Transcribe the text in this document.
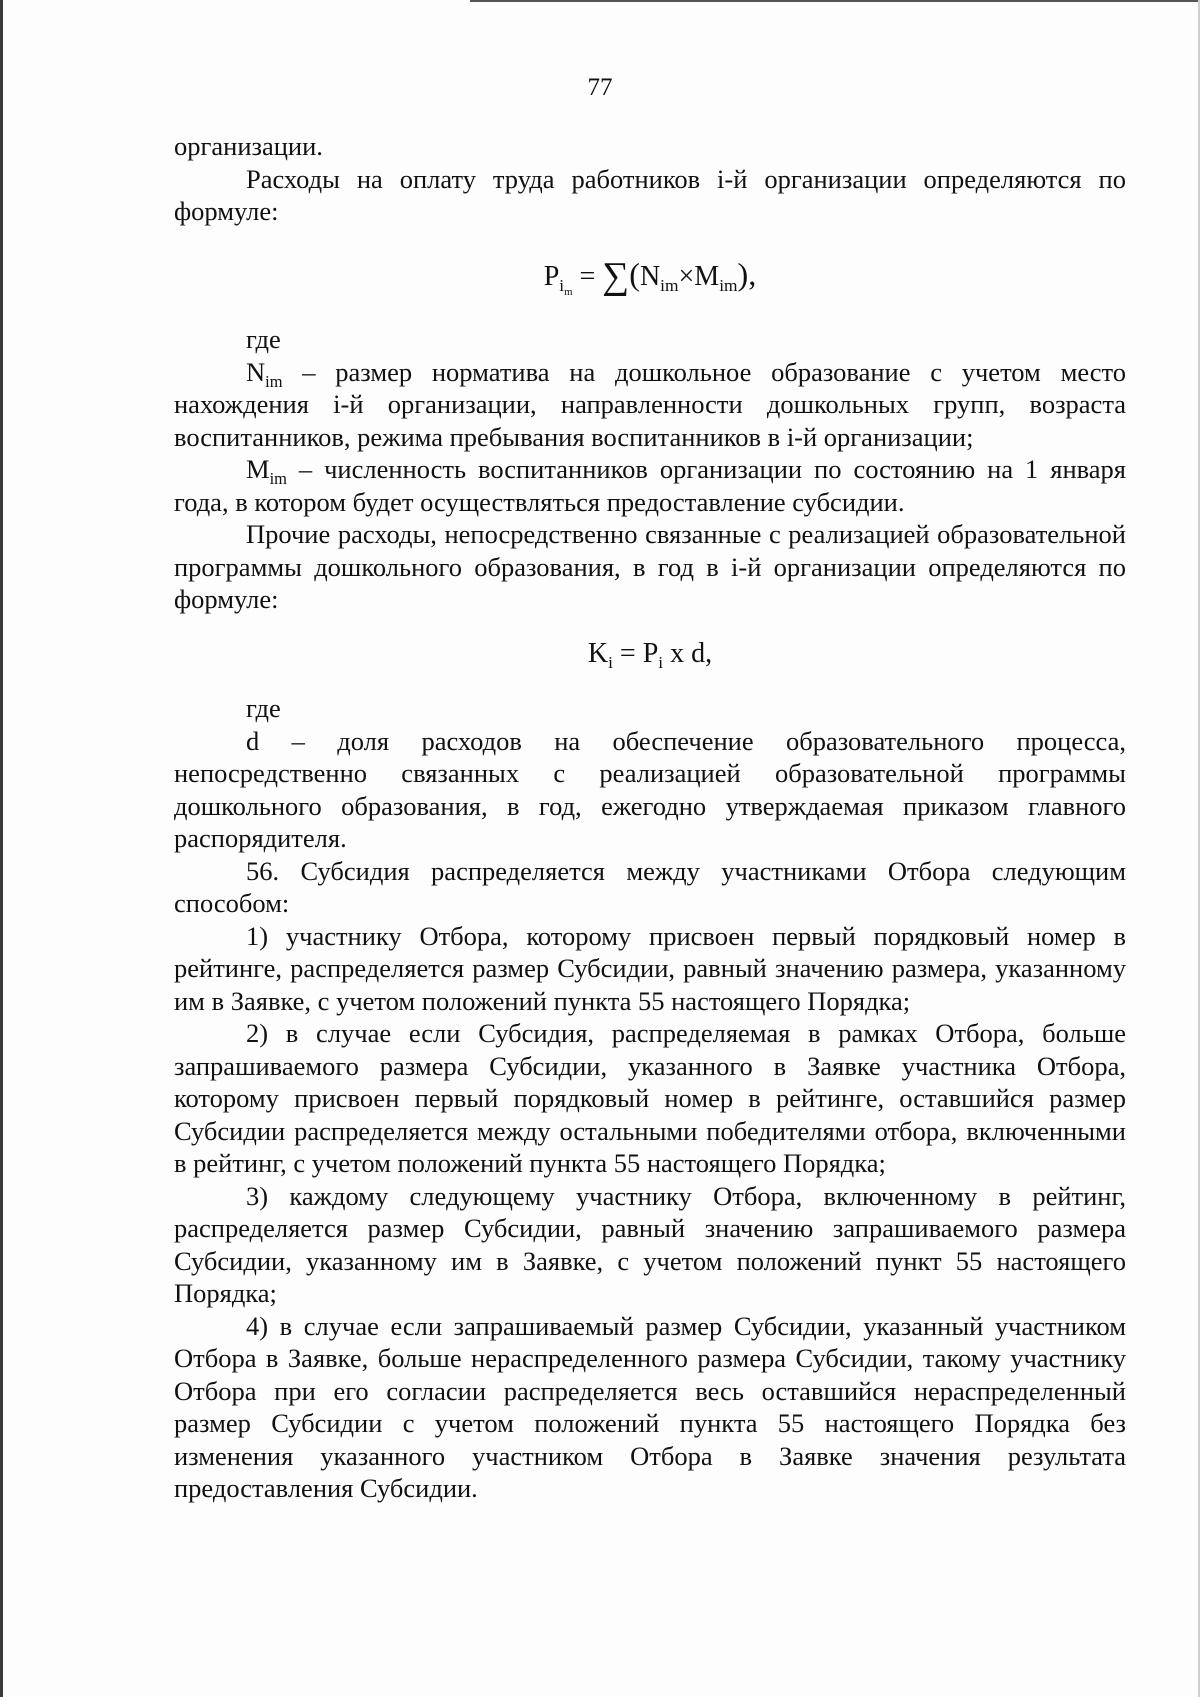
77

организации.

Расходы на оплату труда работников i-й организации определяются по формуле:

$P_{i_m} = \sum(N_{im}\times M_{im})$,

где

$N_{im}$ – размер норматива на дошкольное образование с учетом место нахождения i-й организации, направленности дошкольных групп, возраста воспитанников, режима пребывания воспитанников в i-й организации;

$M_{im}$ – численность воспитанников организации по состоянию на 1 января года, в котором будет осуществляться предоставление субсидии.

Прочие расходы, непосредственно связанные с реализацией образовательной программы дошкольного образования, в год в i-й организации определяются по формуле:

$K_i = P_i$ x d,

где

d – доля расходов на обеспечение образовательного процесса, непосредственно связанных с реализацией образовательной программы дошкольного образования, в год, ежегодно утверждаемая приказом главного распорядителя.

56. Субсидия распределяется между участниками Отбора следующим способом:

1) участнику Отбора, которому присвоен первый порядковый номер в рейтинге, распределяется размер Субсидии, равный значению размера, указанному им в Заявке, с учетом положений пункта 55 настоящего Порядка;

2) в случае если Субсидия, распределяемая в рамках Отбора, больше запрашиваемого размера Субсидии, указанного в Заявке участника Отбора, которому присвоен первый порядковый номер в рейтинге, оставшийся размер Субсидии распределяется между остальными победителями отбора, включенными в рейтинг, с учетом положений пункта 55 настоящего Порядка;

3) каждому следующему участнику Отбора, включенному в рейтинг, распределяется размер Субсидии, равный значению запрашиваемого размера Субсидии, указанному им в Заявке, с учетом положений пункт 55 настоящего Порядка;

4) в случае если запрашиваемый размер Субсидии, указанный участником Отбора в Заявке, больше нераспределенного размера Субсидии, такому участнику Отбора при его согласии распределяется весь оставшийся нераспределенный размер Субсидии с учетом положений пункта 55 настоящего Порядка без изменения указанного участником Отбора в Заявке значения результата предоставления Субсидии.
